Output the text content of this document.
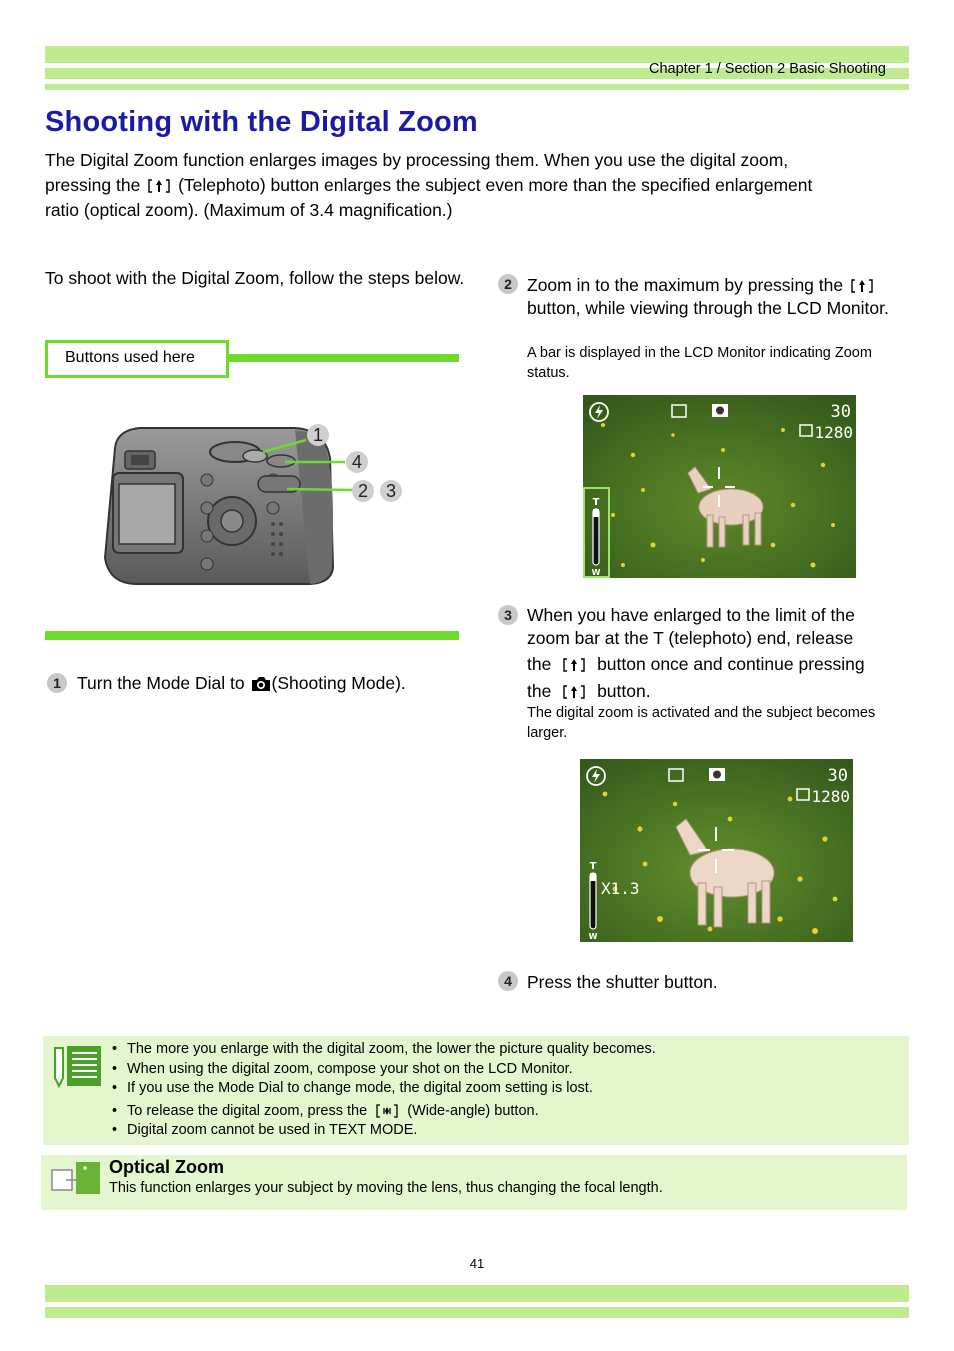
Chapter 1 / Section 2 Basic Shooting
Shooting with the Digital Zoom

The Digital Zoom function enlarges images by processing them. When you use the digital zoom,

pressing the (Telephoto) button enlarges the subject even more than the specified enlargement

ratio (optical zoom). (Maximum of 3.4 magnification.)

To shoot with the Digital Zoom, follow the steps below.
Buttons used here
1
4
2 3
1 Turn the Mode Dial to (Shooting Mode).
2 Zoom in to the maximum by pressing the  button, while viewing through the LCD Monitor.
A bar is displayed in the LCD Monitor indicating Zoom status.
30
1280
T
W
3 When you have enlarged to the limit of the
zoom bar at the T (telephoto) end, release
the	button once and continue pressing
the	button.
The digital zoom is activated and the subject becomes larger.
30
1280
T
W
X1.3
4 Press the shutter button.
• The more you enlarge with the digital zoom, the lower the picture quality becomes.
• When using the digital zoom, compose your shot on the LCD Monitor.
• If you use the Mode Dial to change mode, the digital zoom setting is lost.
• To release the digital zoom, press the	(Wide-angle) button.
• Digital zoom cannot be used in TEXT MODE.
Optical Zoom
This function enlarges your subject by moving the lens, thus changing the focal length.
41
